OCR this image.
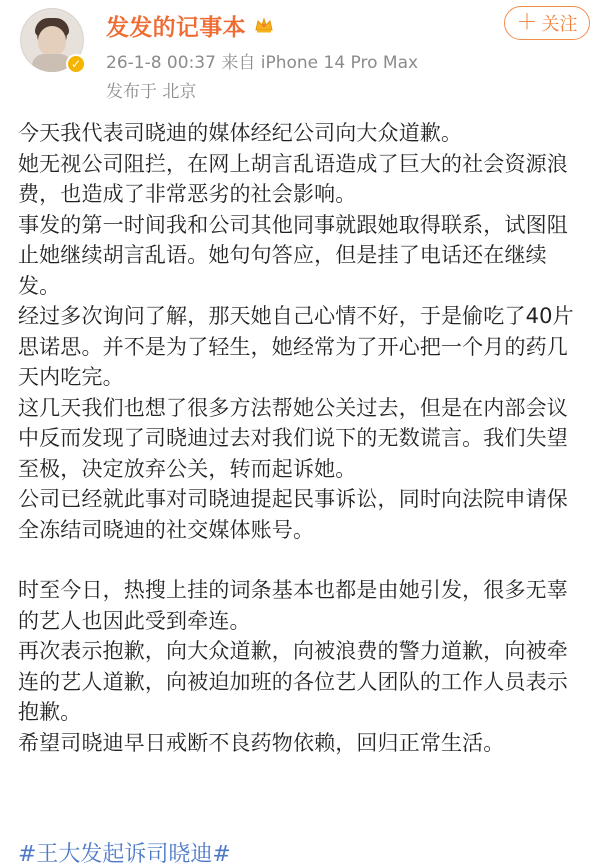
✓
发发的记事本
26-1-8 00:37 来自 iPhone 14 Pro Max
发布于 北京
＋ 关注

今天我代表司晓迪的媒体经纪公司向大众道歉。

她无视公司阻拦，在网上胡言乱语造成了巨大的社会资源浪费，也造成了非常恶劣的社会影响。

事发的第一时间我和公司其他同事就跟她取得联系，试图阻止她继续胡言乱语。她句句答应，但是挂了电话还在继续发。

经过多次询问了解，那天她自己心情不好，于是偷吃了40片思诺思。并不是为了轻生，她经常为了开心把一个月的药几天内吃完。

这几天我们也想了很多方法帮她公关过去，但是在内部会议中反而发现了司晓迪过去对我们说下的无数谎言。我们失望至极，决定放弃公关，转而起诉她。

公司已经就此事对司晓迪提起民事诉讼，同时向法院申请保全冻结司晓迪的社交媒体账号。

时至今日，热搜上挂的词条基本也都是由她引发，很多无辜的艺人也因此受到牵连。

再次表示抱歉，向大众道歉，向被浪费的警力道歉，向被牵连的艺人道歉，向被迫加班的各位艺人团队的工作人员表示抱歉。

希望司晓迪早日戒断不良药物依赖，回归正常生活。

#王大发起诉司晓迪#
